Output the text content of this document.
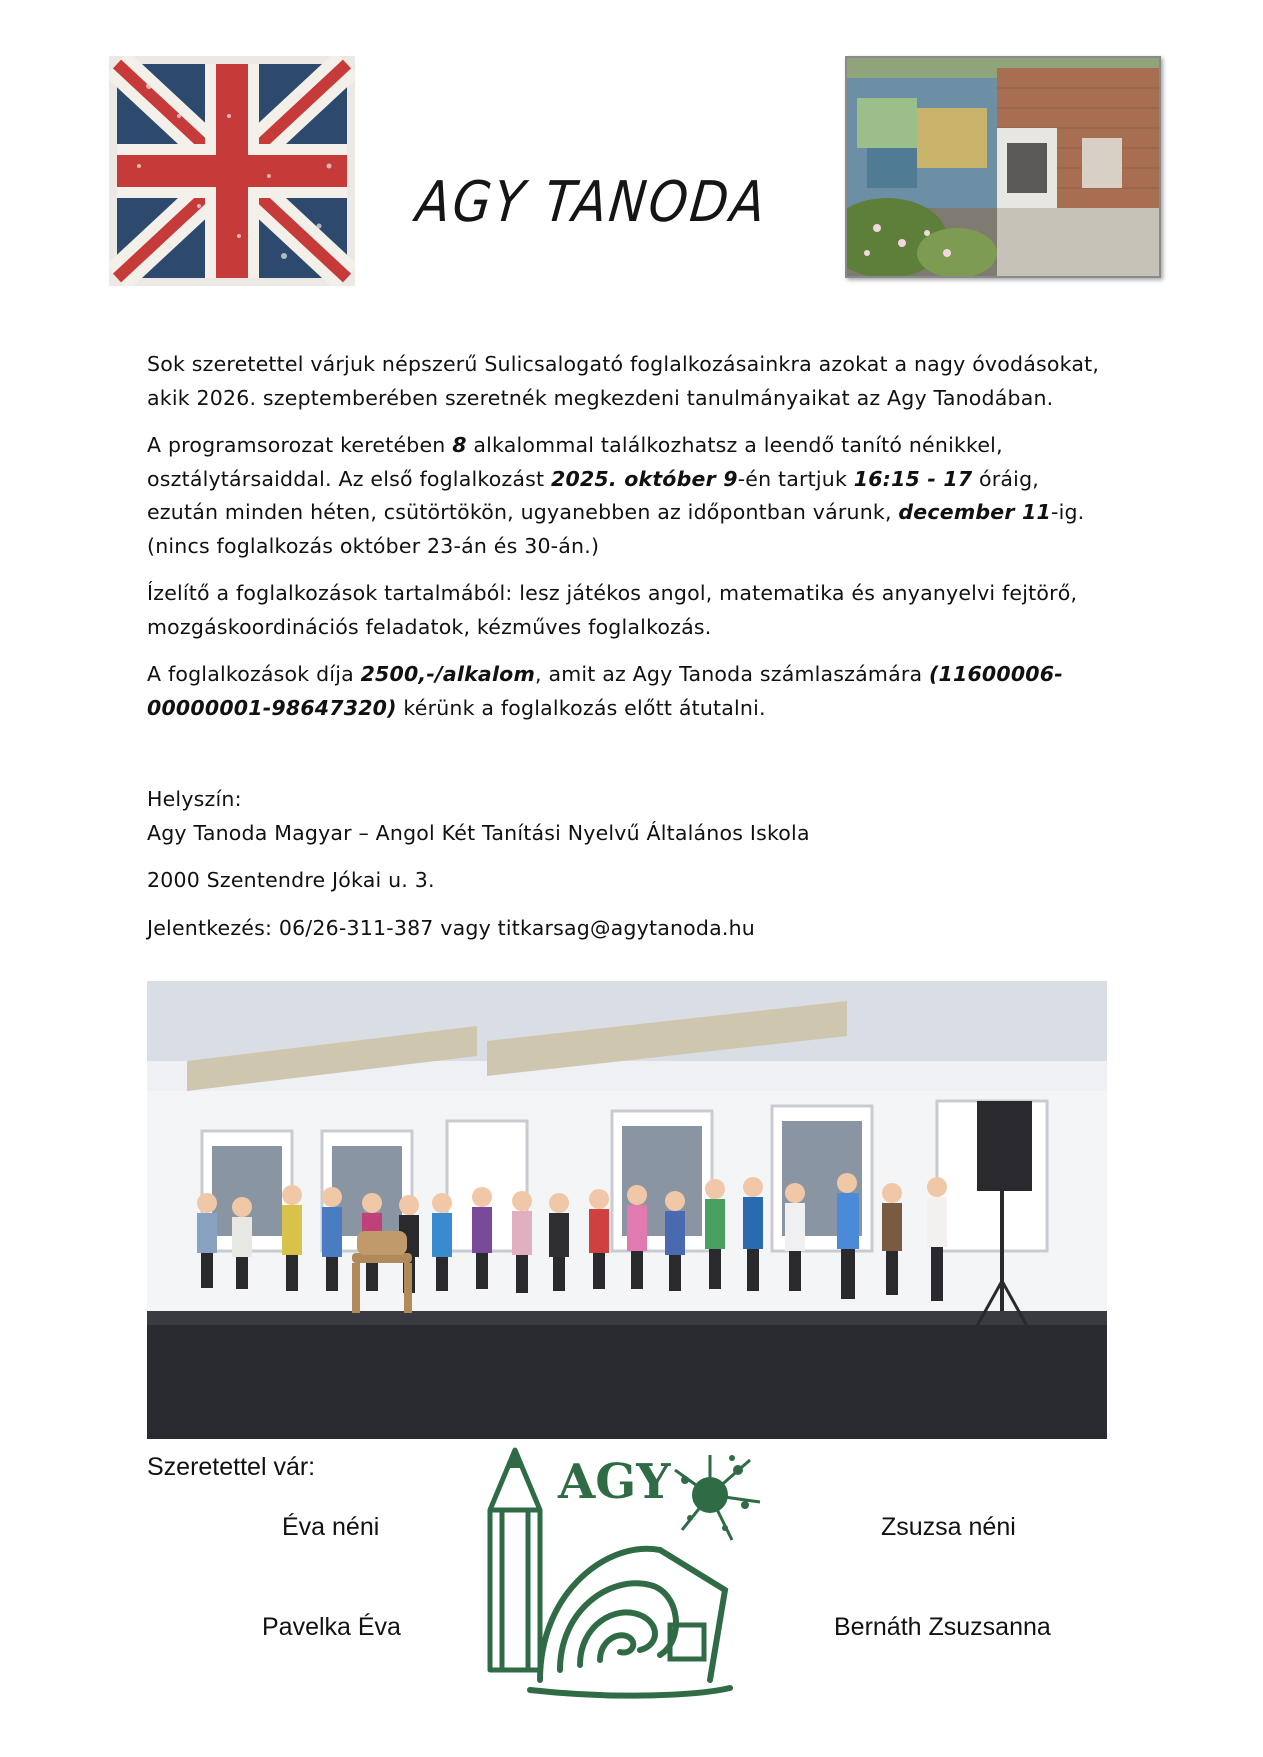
AGY TANODA

Sok szeretettel várjuk népszerű Sulicsalogató foglalkozásainkra azokat a nagy óvodásokat, akik 2026. szeptemberében szeretnék megkezdeni tanulmányaikat az Agy Tanodában.

A programsorozat keretében 8 alkalommal találkozhatsz a leendő tanító nénikkel, osztálytársaiddal. Az első foglalkozást 2025. október 9-én tartjuk 16:15 - 17 óráig, ezután minden héten, csütörtökön, ugyanebben az időpontban várunk, december 11-ig. (nincs foglalkozás október 23-án és 30-án.)

Ízelítő a foglalkozások tartalmából: lesz játékos angol, matematika és anyanyelvi fejtörő, mozgáskoordinációs feladatok, kézműves foglalkozás.

A foglalkozások díja 2500,-/alkalom, amit az Agy Tanoda számlaszámára (11600006-00000001-98647320) kérünk a foglalkozás előtt átutalni.

Helyszín:

Agy Tanoda Magyar – Angol Két Tanítási Nyelvű Általános Iskola

2000 Szentendre Jókai u. 3.

Jelentkezés: 06/26-311-387 vagy titkarsag@agytanoda.hu

Szeretettel vár:
Éva néni
Pavelka Éva
Zsuzsa néni
Bernáth Zsuzsanna
AGY
